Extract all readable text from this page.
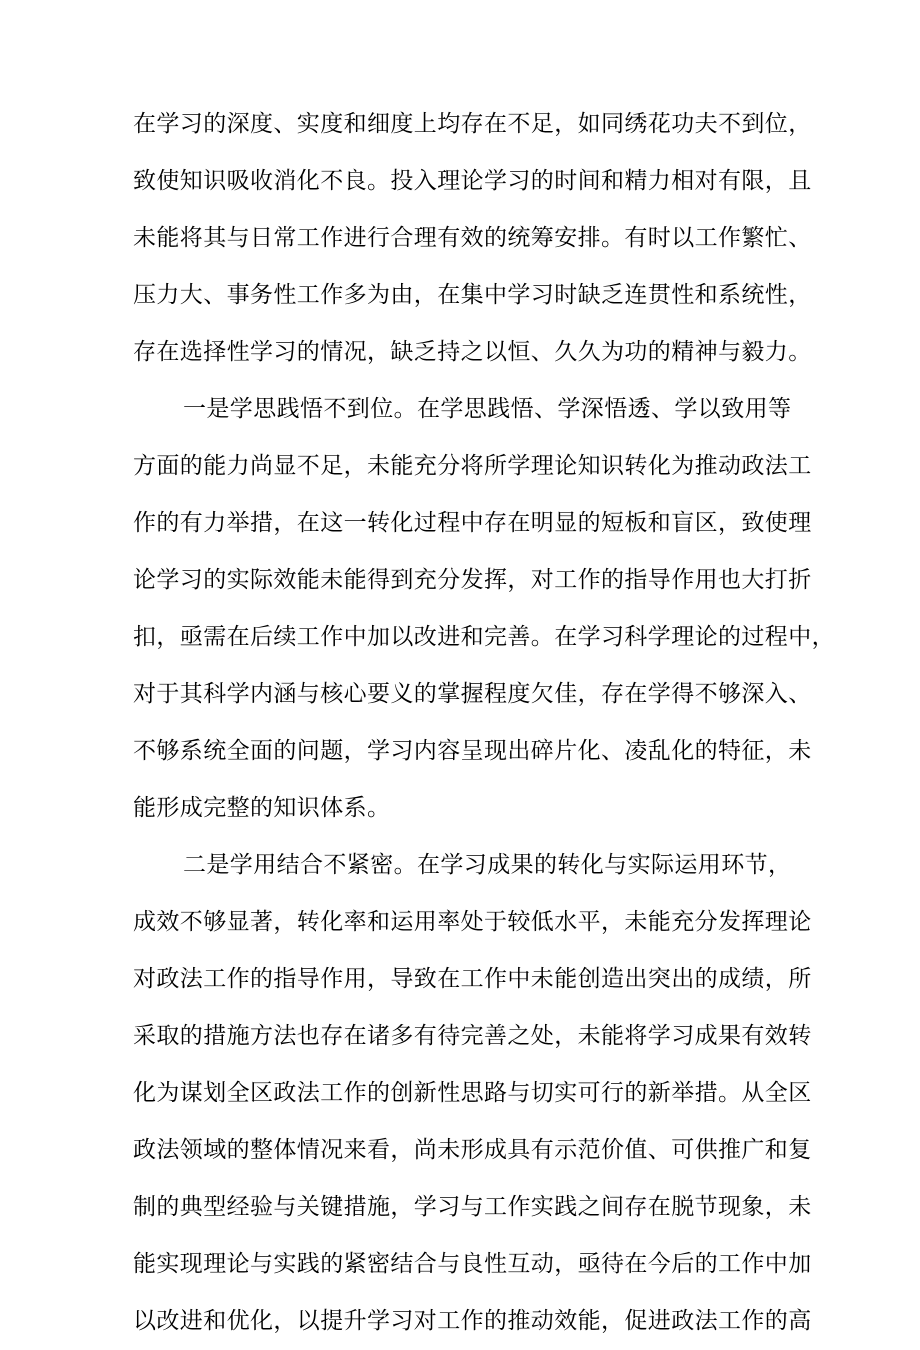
在学习的深度、实度和细度上均存在不足，如同绣花功夫不到位，
致使知识吸收消化不良。投入理论学习的时间和精力相对有限，且
未能将其与日常工作进行合理有效的统筹安排。有时以工作繁忙、
压力大、事务性工作多为由，在集中学习时缺乏连贯性和系统性，
存在选择性学习的情况，缺乏持之以恒、久久为功的精神与毅力。
一是学思践悟不到位。在学思践悟、学深悟透、学以致用等
方面的能力尚显不足，未能充分将所学理论知识转化为推动政法工
作的有力举措，在这一转化过程中存在明显的短板和盲区，致使理
论学习的实际效能未能得到充分发挥，对工作的指导作用也大打折
扣，亟需在后续工作中加以改进和完善。在学习科学理论的过程中，
对于其科学内涵与核心要义的掌握程度欠佳，存在学得不够深入、
不够系统全面的问题，学习内容呈现出碎片化、凌乱化的特征，未
能形成完整的知识体系。
二是学用结合不紧密。在学习成果的转化与实际运用环节，
成效不够显著，转化率和运用率处于较低水平，未能充分发挥理论
对政法工作的指导作用，导致在工作中未能创造出突出的成绩，所
采取的措施方法也存在诸多有待完善之处，未能将学习成果有效转
化为谋划全区政法工作的创新性思路与切实可行的新举措。从全区
政法领域的整体情况来看，尚未形成具有示范价值、可供推广和复
制的典型经验与关键措施，学习与工作实践之间存在脱节现象，未
能实现理论与实践的紧密结合与良性互动，亟待在今后的工作中加
以改进和优化，以提升学习对工作的推动效能，促进政法工作的高
